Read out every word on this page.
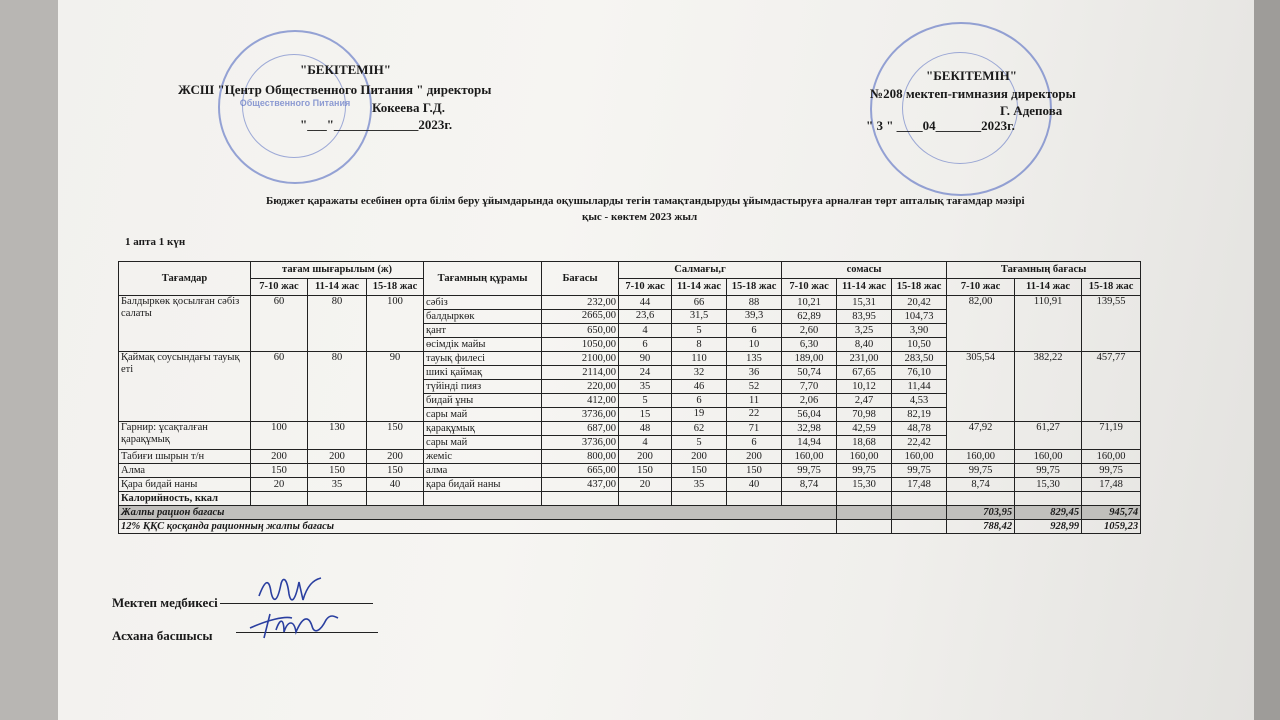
Общественного Питания
"БЕКІТЕМІН"
ЖСШ "Центр Общественного Питания " директоры
Кокеева Г.Д.
"___"_____________2023г.
"БЕКІТЕМІН"
№208 мектеп-гимназия директоры
Г. Адепова
" 3 " ____04_______2023г.
Бюджет қаражаты есебінен орта білім беру ұйымдарында оқушыларды тегін тамақтандыруды ұйымдастыруға арналған төрт апталық тағамдар мәзірі
қыс - көктем 2023 жыл
1 апта 1 күн
Тағамдар	тағам шығарылым (ж)			Тағамның құрамы	Бағасы	Салмағы,г			сомасы			Тағамның бағасы		
	7-10 жас	11-14 жас	15-18 жас			7-10 жас	11-14 жас	15-18 жас	7-10 жас	11-14 жас	15-18 жас	7-10 жас	11-14 жас	15-18 жас
Балдыркөк қосылған сәбіз салаты	60	80	100	сәбіз	232,00	44	66	88	10,21	15,31	20,42	82,00	110,91	139,55
				балдыркөк	2665,00	23,6	31,5	39,3	62,89	83,95	104,73			
				қант	650,00	4	5	6	2,60	3,25	3,90			
				өсімдік майы	1050,00	6	8	10	6,30	8,40	10,50			
Қаймақ соусындағы тауық еті	60	80	90	тауық филесі	2100,00	90	110	135	189,00	231,00	283,50	305,54	382,22	457,77
				шикі қаймақ	2114,00	24	32	36	50,74	67,65	76,10			
				түйінді пияз	220,00	35	46	52	7,70	10,12	11,44			
				бидай ұны	412,00	5	6	11	2,06	2,47	4,53			
				сары май	3736,00	15	19	22	56,04	70,98	82,19			
Гарнир: ұсақталған қарақұмық	100	130	150	қарақұмық	687,00	48	62	71	32,98	42,59	48,78	47,92	61,27	71,19
				сары май	3736,00	4	5	6	14,94	18,68	22,42			
Табиғи шырын т/н	200	200	200	жеміс	800,00	200	200	200	160,00	160,00	160,00	160,00	160,00	160,00
Алма	150	150	150	алма	665,00	150	150	150	99,75	99,75	99,75	99,75	99,75	99,75
Қара бидай наны	20	35	40	қара бидай наны	437,00	20	35	40	8,74	15,30	17,48	8,74	15,30	17,48
Калорийность, ккал														
Жалпы рацион бағасы												703,95	829,45	945,74
12% ҚҚС қосқанда рационның жалпы бағасы												788,42	928,99	1059,23
Мектеп медбикесі
Асхана басшысы
